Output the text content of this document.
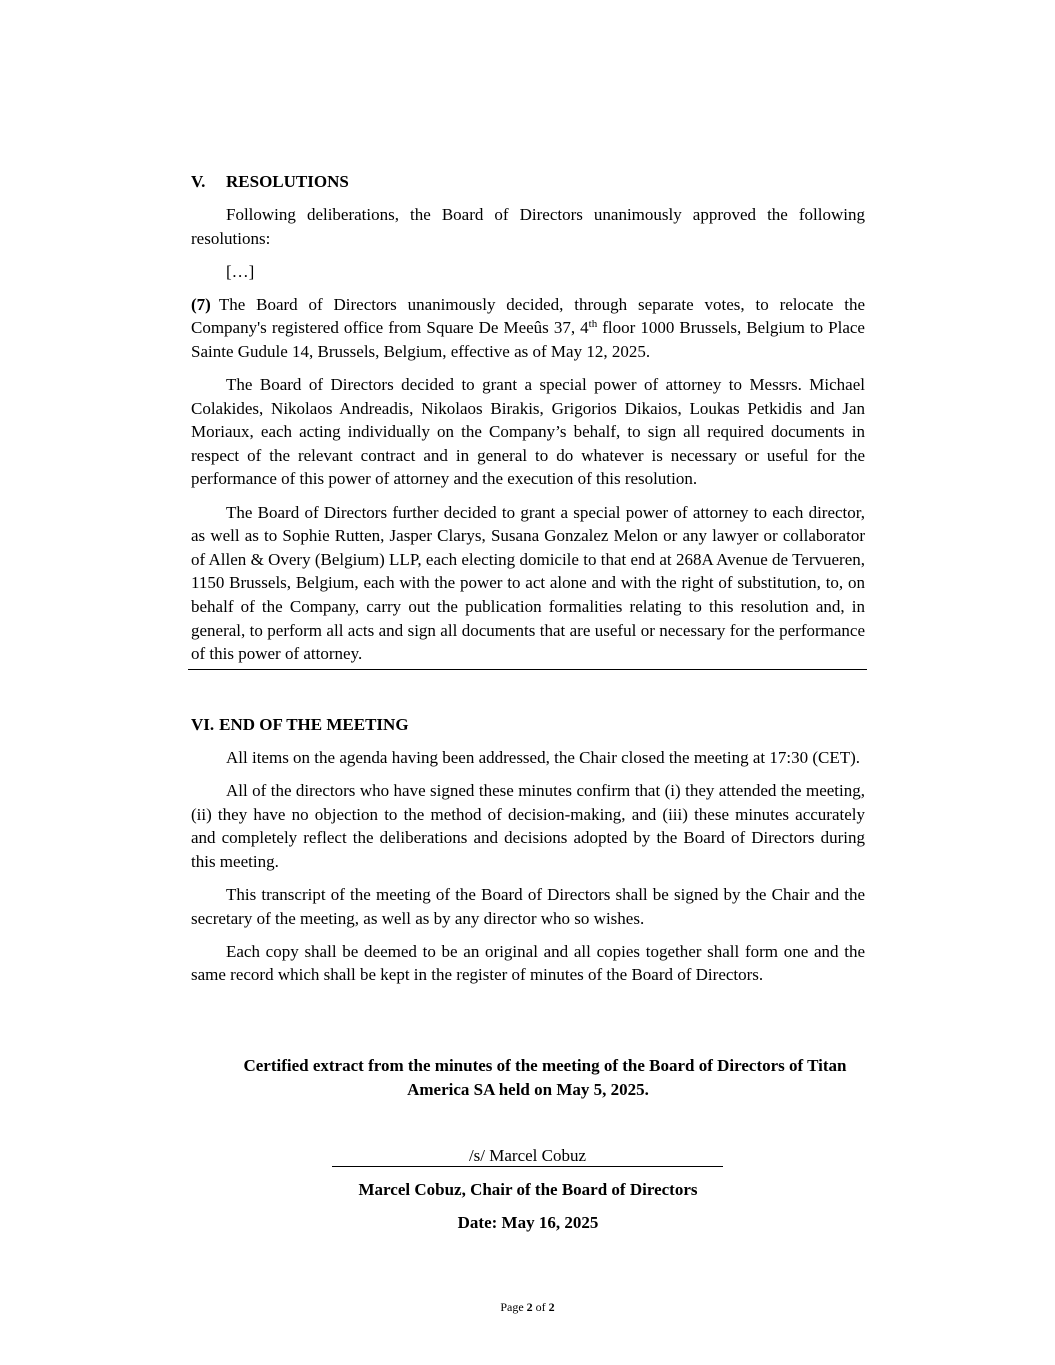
V. RESOLUTIONS

Following deliberations, the Board of Directors unanimously approved the following resolutions:

[…]

(7) The Board of Directors unanimously decided, through separate votes, to relocate the Company's registered office from Square De Meeûs 37, 4th floor 1000 Brussels, Belgium to Place Sainte Gudule 14, Brussels, Belgium, effective as of May 12, 2025.

The Board of Directors decided to grant a special power of attorney to Messrs. Michael Colakides, Nikolaos Andreadis, Nikolaos Birakis, Grigorios Dikaios, Loukas Petkidis and Jan Moriaux, each acting individually on the Company’s behalf, to sign all required documents in respect of the relevant contract and in general to do whatever is necessary or useful for the performance of this power of attorney and the execution of this resolution.

The Board of Directors further decided to grant a special power of attorney to each director, as well as to Sophie Rutten, Jasper Clarys, Susana Gonzalez Melon or any lawyer or collaborator of Allen & Overy (Belgium) LLP, each electing domicile to that end at 268A Avenue de Tervueren, 1150 Brussels, Belgium, each with the power to act alone and with the right of substitution, to, on behalf of the Company, carry out the publication formalities relating to this resolution and, in general, to perform all acts and sign all documents that are useful or necessary for the performance of this power of attorney.

VI. END OF THE MEETING

All items on the agenda having been addressed, the Chair closed the meeting at 17:30 (CET).

All of the directors who have signed these minutes confirm that (i) they attended the meeting, (ii) they have no objection to the method of decision-making, and (iii) these minutes accurately and completely reflect the deliberations and decisions adopted by the Board of Directors during this meeting.

This transcript of the meeting of the Board of Directors shall be signed by the Chair and the secretary of the meeting, as well as by any director who so wishes.

Each copy shall be deemed to be an original and all copies together shall form one and the same record which shall be kept in the register of minutes of the Board of Directors.

Certified extract from the minutes of the meeting of the Board of Directors of Titan
America SA held on May 5, 2025.
/s/ Marcel Cobuz
Marcel Cobuz, Chair of the Board of Directors
Date: May 16, 2025
Page 2 of 2
